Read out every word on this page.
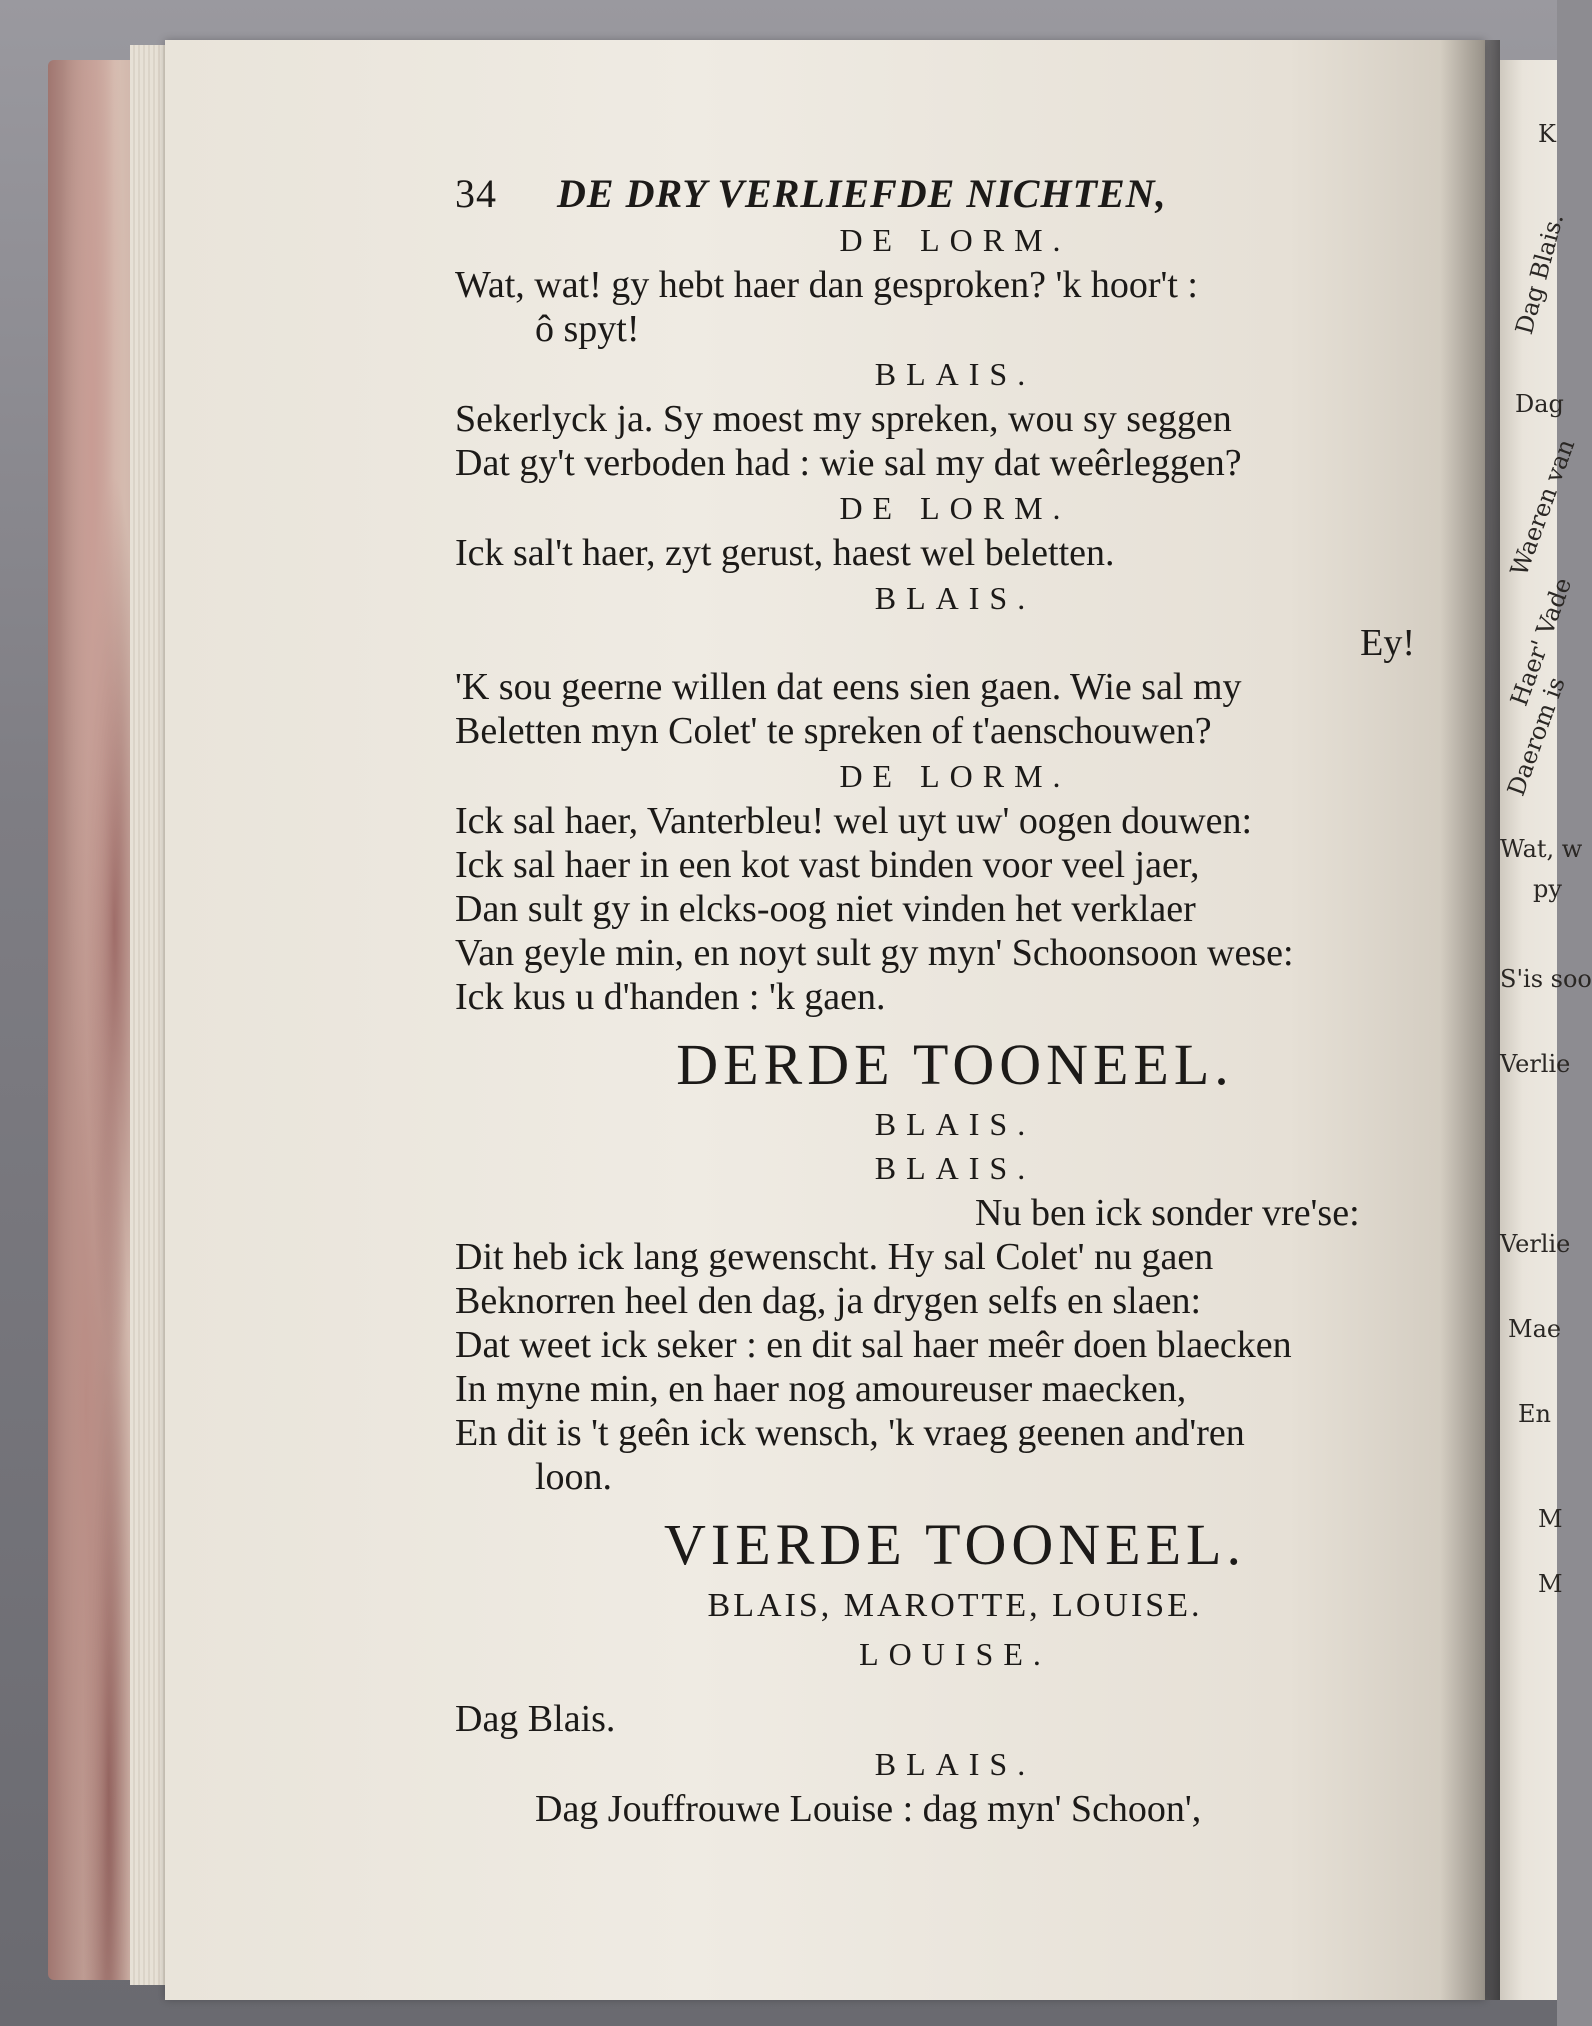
K
Dag Blais.
Dag
Waeren van
Haer' Vade
Daerom is
Wat, w
py
S'is soo
Verlie
Verlie
Mae
En
M
M
34 DE DRY VERLIEFDE NICHTEN,
DE LORM.
Wat, wat! gy hebt haer dan gesproken? 'k hoor't :
ô spyt!
BLAIS.
Sekerlyck ja. Sy moest my spreken, wou sy seggen
Dat gy't verboden had : wie sal my dat weêrleggen?
DE LORM.
Ick sal't haer, zyt gerust, haest wel beletten.
BLAIS.
Ey!
'K sou geerne willen dat eens sien gaen. Wie sal my
Beletten myn Colet' te spreken of t'aenschouwen?
DE LORM.
Ick sal haer, Vanterbleu! wel uyt uw' oogen douwen:
Ick sal haer in een kot vast binden voor veel jaer,
Dan sult gy in elcks-oog niet vinden het verklaer
Van geyle min, en noyt sult gy myn' Schoonsoon wese:
Ick kus u d'handen : 'k gaen.
DERDE TOONEEL.
BLAIS.
BLAIS.
Nu ben ick sonder vre'se:
Dit heb ick lang gewenscht. Hy sal Colet' nu gaen
Beknorren heel den dag, ja drygen selfs en slaen:
Dat weet ick seker : en dit sal haer meêr doen blaecken
In myne min, en haer nog amoureuser maecken,
En dit is 't geên ick wensch, 'k vraeg geenen and'ren
loon.
VIERDE TOONEEL.
BLAIS, MAROTTE, LOUISE.
LOUISE.
Dag Blais.
BLAIS.
Dag Jouffrouwe Louise : dag myn' Schoon',
